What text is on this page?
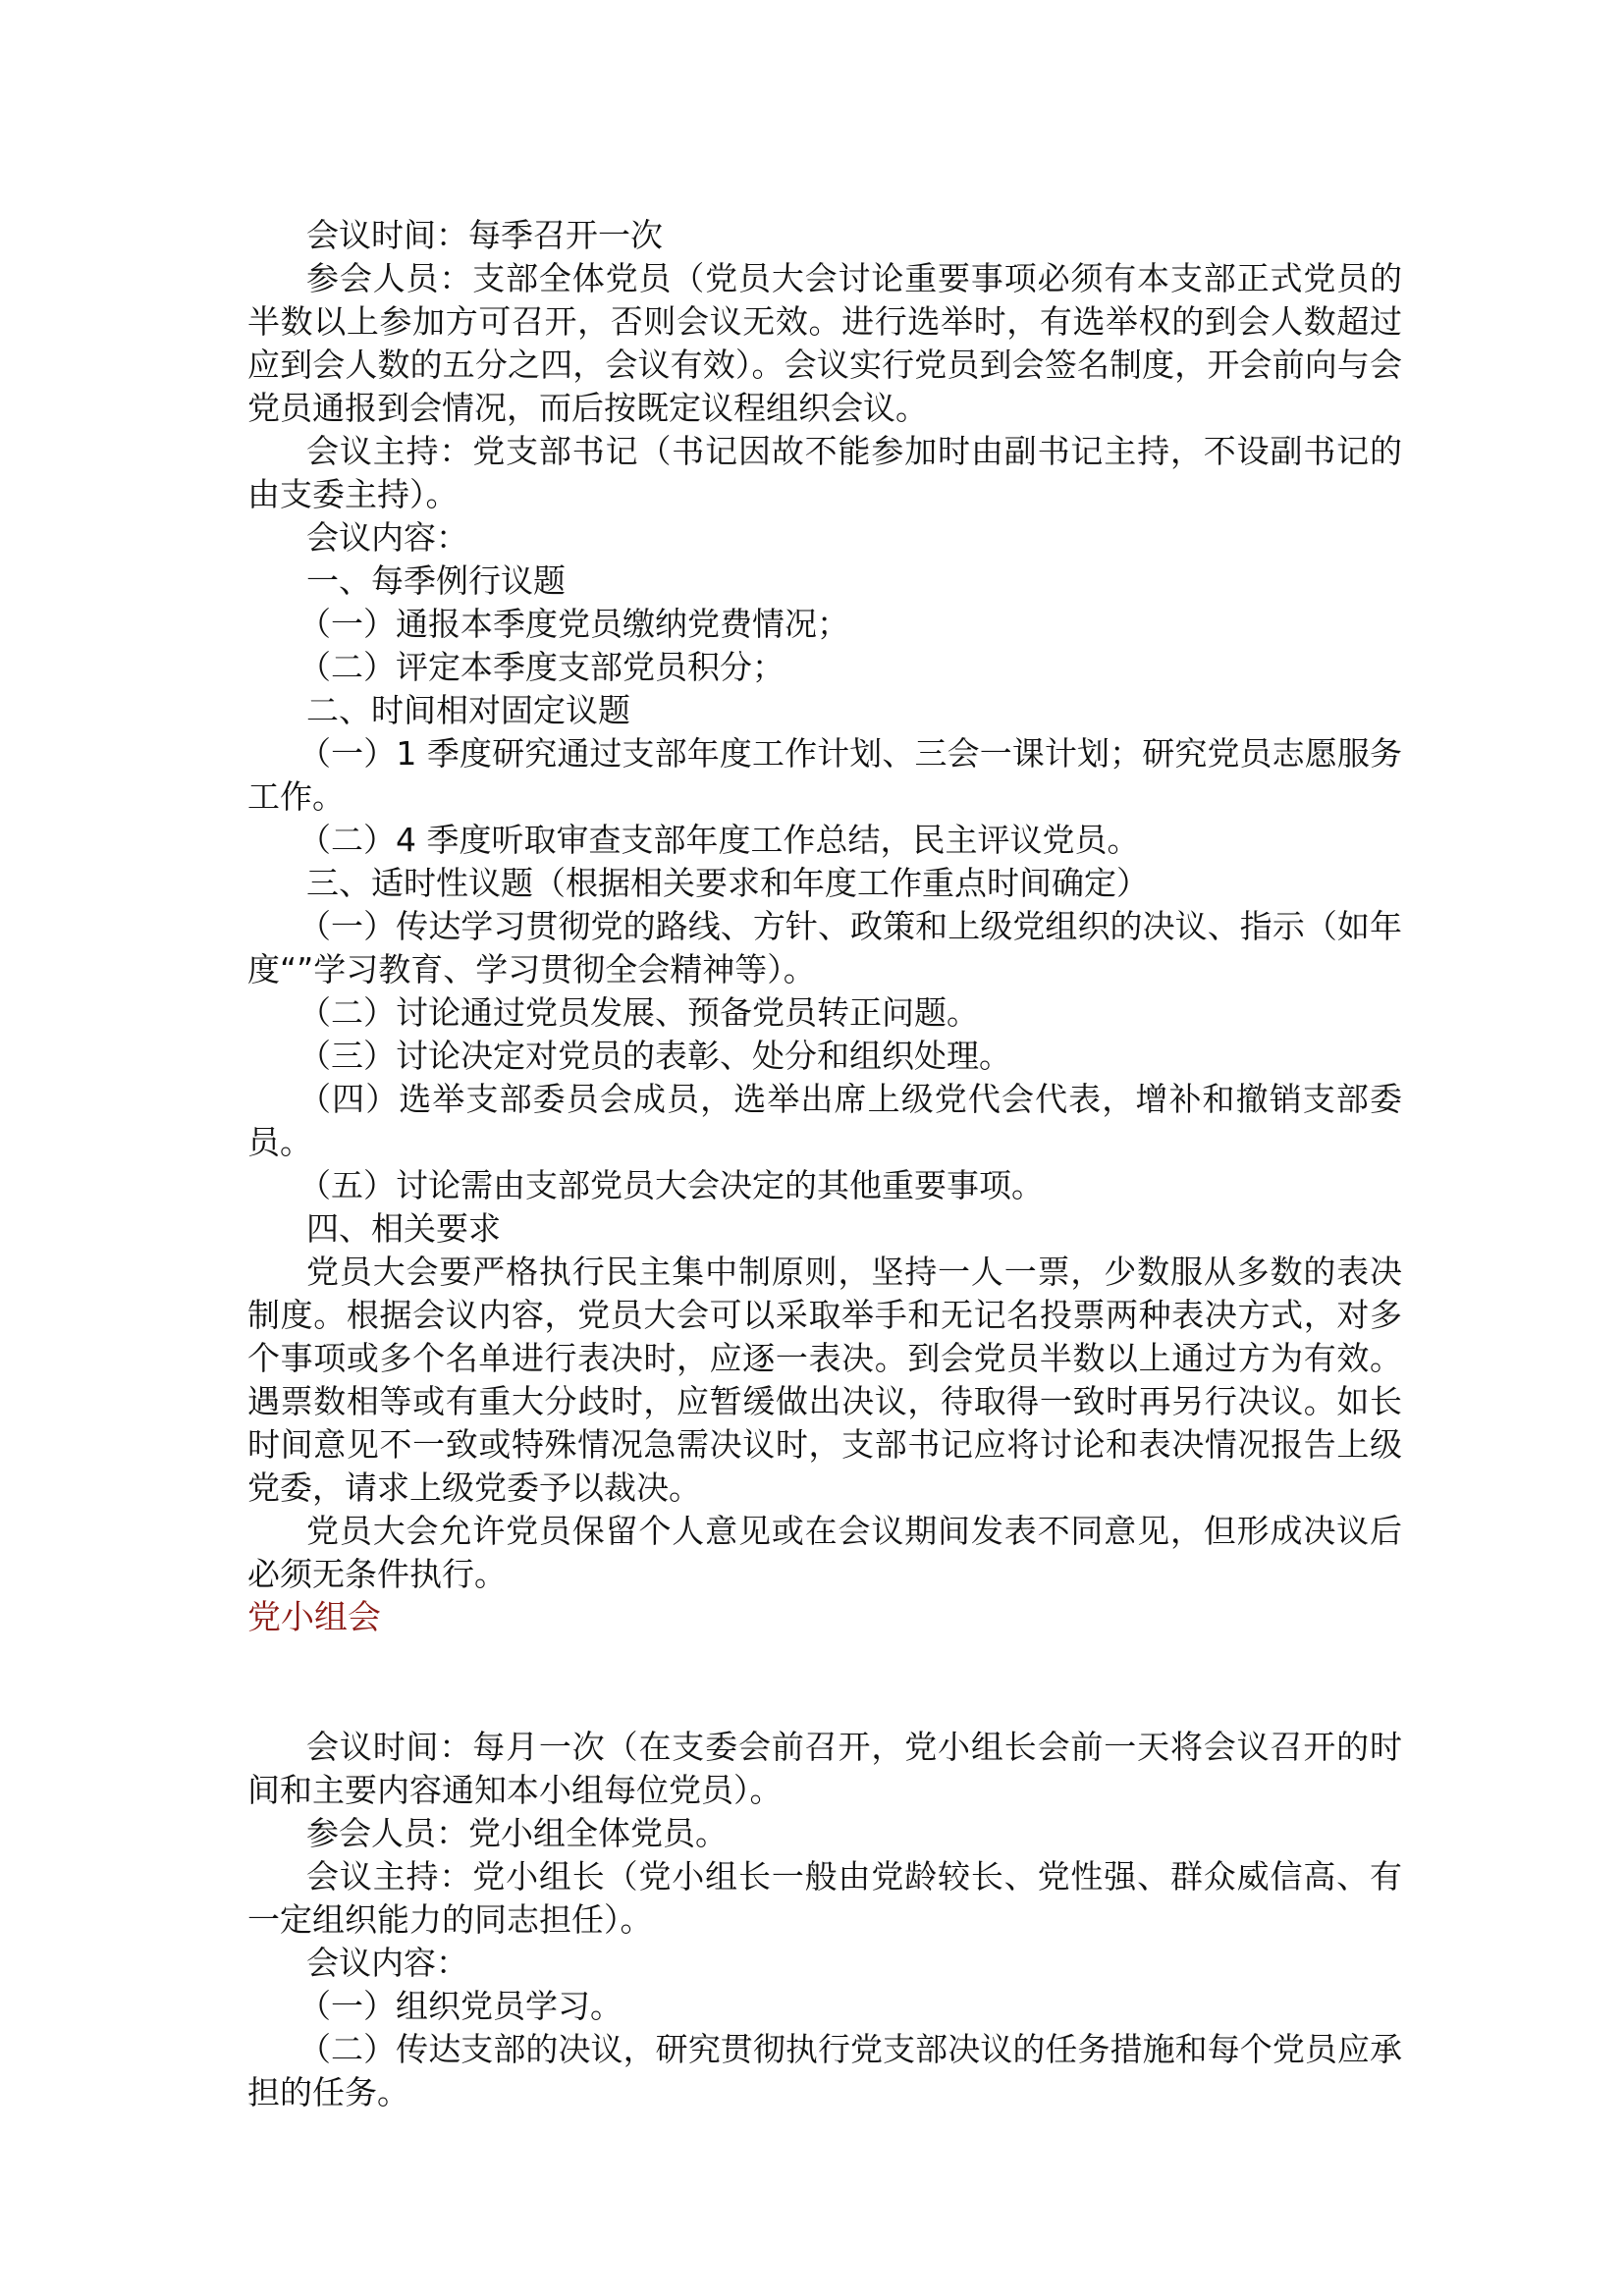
会议时间：每季召开一次

参会人员：支部全体党员（党员大会讨论重要事项必须有本支部正式党员的半数以上参加方可召开，否则会议无效。进行选举时，有选举权的到会人数超过应到会人数的五分之四，会议有效）。会议实行党员到会签名制度，开会前向与会党员通报到会情况，而后按既定议程组织会议。

会议主持：党支部书记（书记因故不能参加时由副书记主持，不设副书记的由支委主持）。

会议内容：

一、每季例行议题

（一）通报本季度党员缴纳党费情况；

（二）评定本季度支部党员积分；

二、时间相对固定议题

（一）1 季度研究通过支部年度工作计划、三会一课计划；研究党员志愿服务工作。

（二）4 季度听取审查支部年度工作总结，民主评议党员。

三、适时性议题（根据相关要求和年度工作重点时间确定）

（一）传达学习贯彻党的路线、方针、政策和上级党组织的决议、指示（如年度“”学习教育、学习贯彻全会精神等）。

（二）讨论通过党员发展、预备党员转正问题。

（三）讨论决定对党员的表彰、处分和组织处理。

（四）选举支部委员会成员，选举出席上级党代会代表，增补和撤销支部委员。

（五）讨论需由支部党员大会决定的其他重要事项。

四、相关要求

党员大会要严格执行民主集中制原则，坚持一人一票，少数服从多数的表决制度。根据会议内容，党员大会可以采取举手和无记名投票两种表决方式，对多个事项或多个名单进行表决时，应逐一表决。到会党员半数以上通过方为有效。遇票数相等或有重大分歧时，应暂缓做出决议，待取得一致时再另行决议。如长时间意见不一致或特殊情况急需决议时，支部书记应将讨论和表决情况报告上级党委，请求上级党委予以裁决。

党员大会允许党员保留个人意见或在会议期间发表不同意见，但形成决议后必须无条件执行。

党小组会

会议时间：每月一次（在支委会前召开，党小组长会前一天将会议召开的时间和主要内容通知本小组每位党员）。

参会人员：党小组全体党员。

会议主持：党小组长（党小组长一般由党龄较长、党性强、群众威信高、有一定组织能力的同志担任）。

会议内容：

（一）组织党员学习。

（二）传达支部的决议，研究贯彻执行党支部决议的任务措施和每个党员应承担的任务。
